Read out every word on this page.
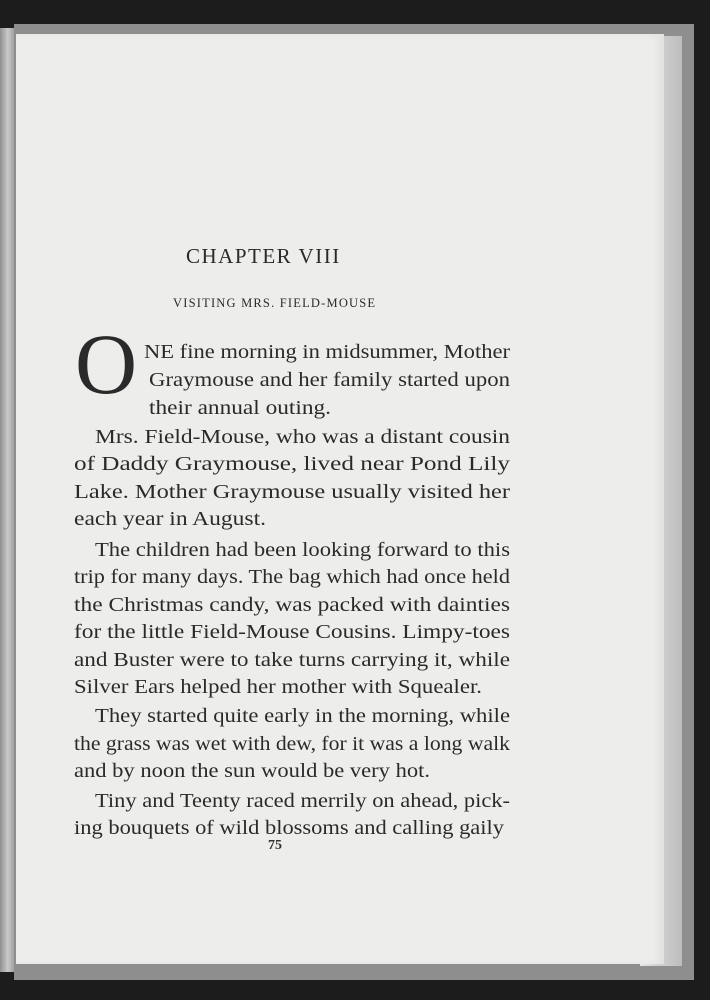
CHAPTER VIII
VISITING MRS. FIELD-MOUSE
O NE fine morning in midsummer, Mother
Graymouse and her family started upon
their annual outing.
Mrs. Field-Mouse, who was a distant cousin
of Daddy Graymouse, lived near Pond Lily
Lake. Mother Graymouse usually visited her
each year in August.
The children had been looking forward to this
trip for many days. The bag which had once held
the Christmas candy, was packed with dainties
for the little Field-Mouse Cousins. Limpy-toes
and Buster were to take turns carrying it, while
Silver Ears helped her mother with Squealer.
They started quite early in the morning, while
the grass was wet with dew, for it was a long walk
and by noon the sun would be very hot.
Tiny and Teenty raced merrily on ahead, pick-
ing bouquets of wild blossoms and calling gaily
75
